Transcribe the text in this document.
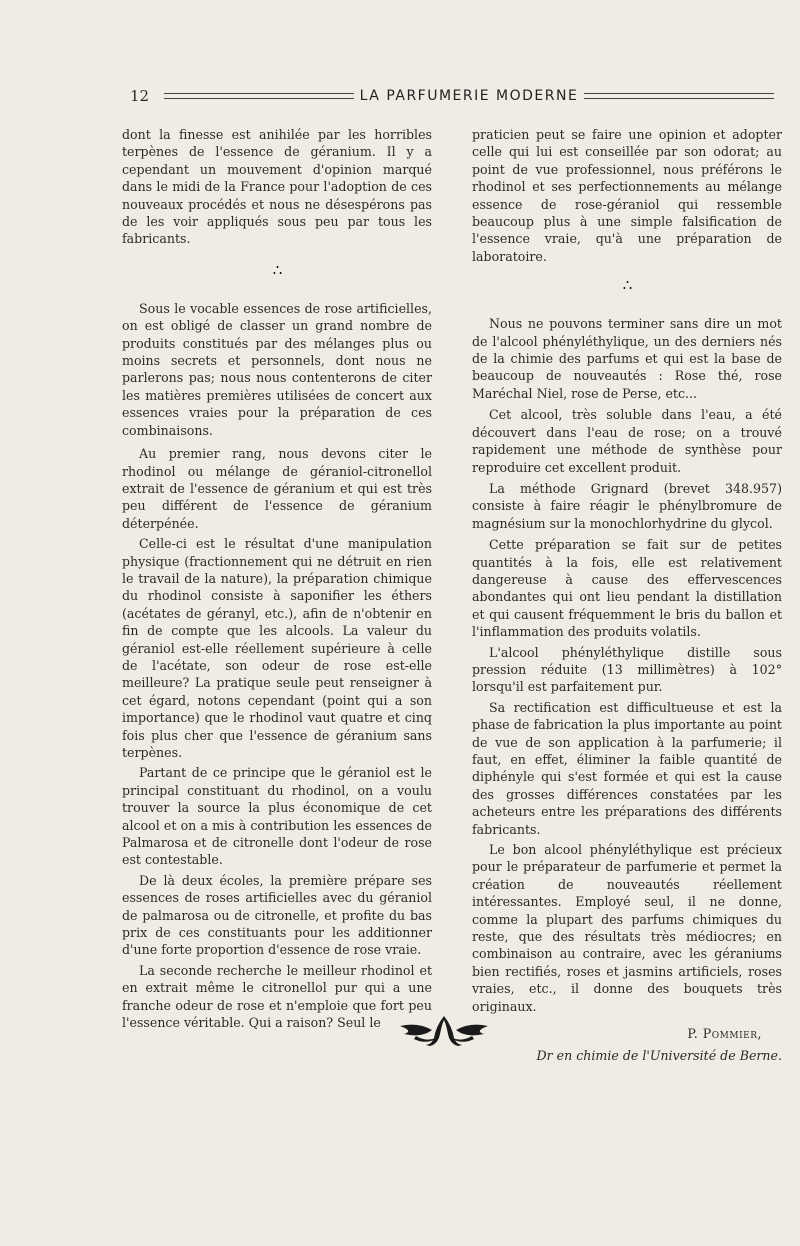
12	LA PARFUMERIE MODERNE

dont la finesse est anihilée par les horribles terpènes de l'essence de géranium. Il y a cependant un mouvement d'opinion marqué dans le midi de la France pour l'adoption de ces nouveaux procédés et nous ne désespérons pas de les voir appliqués sous peu par tous les fabricants.

∴

Sous le vocable essences de rose artificielles, on est obligé de classer un grand nombre de produits constitués par des mélanges plus ou moins secrets et personnels, dont nous ne parlerons pas; nous nous contenterons de citer les matières premières utilisées de concert aux essences vraies pour la préparation de ces combinaisons.

Au premier rang, nous devons citer le rhodinol ou mélange de géraniol-citronellol extrait de l'essence de géranium et qui est très peu différent de l'essence de géranium déterpénée.

Celle-ci est le résultat d'une manipulation physique (fractionnement qui ne détruit en rien le travail de la nature), la préparation chimique du rhodinol consiste à saponifier les éthers (acétates de géranyl, etc.), afin de n'obtenir en fin de compte que les alcools. La valeur du géraniol est-elle réellement supérieure à celle de l'acétate, son odeur de rose est-elle meilleure? La pratique seule peut renseigner à cet égard, notons cependant (point qui a son importance) que le rhodinol vaut quatre et cinq fois plus cher que l'essence de géranium sans terpènes.

Partant de ce principe que le géraniol est le principal constituant du rhodinol, on a voulu trouver la source la plus économique de cet alcool et on a mis à contribution les essences de Palmarosa et de citronelle dont l'odeur de rose est contestable.

De là deux écoles, la première prépare ses essences de roses artificielles avec du géraniol de palmarosa ou de citronelle, et profite du bas prix de ces constituants pour les additionner d'une forte proportion d'essence de rose vraie.

La seconde recherche le meilleur rhodinol et en extrait même le citronellol pur qui a une franche odeur de rose et n'emploie que fort peu l'essence véritable. Qui a raison? Seul le

praticien peut se faire une opinion et adopter celle qui lui est conseillée par son odorat; au point de vue professionnel, nous préférons le rhodinol et ses perfectionnements au mélange essence de rose-géraniol qui ressemble beaucoup plus à une simple falsification de l'essence vraie, qu'à une préparation de laboratoire.

∴

Nous ne pouvons terminer sans dire un mot de l'alcool phényléthylique, un des derniers nés de la chimie des parfums et qui est la base de beaucoup de nouveautés : Rose thé, rose Maréchal Niel, rose de Perse, etc...

Cet alcool, très soluble dans l'eau, a été découvert dans l'eau de rose; on a trouvé rapidement une méthode de synthèse pour reproduire cet excellent produit.

La méthode Grignard (brevet 348.957) consiste à faire réagir le phénylbromure de magnésium sur la monochlorhydrine du glycol.

Cette préparation se fait sur de petites quantités à la fois, elle est relativement dangereuse à cause des effervescences abondantes qui ont lieu pendant la distillation et qui causent fréquemment le bris du ballon et l'inflammation des produits volatils.

L'alcool phényléthylique distille sous pression réduite (13 millimètres) à 102° lorsqu'il est parfaitement pur.

Sa rectification est difficultueuse et est la phase de fabrication la plus importante au point de vue de son application à la parfumerie; il faut, en effet, éliminer la faible quantité de diphényle qui s'est formée et qui est la cause des grosses différences constatées par les acheteurs entre les préparations des différents fabricants.

Le bon alcool phényléthylique est précieux pour le préparateur de parfumerie et permet la création de nouveautés réellement intéressantes. Employé seul, il ne donne, comme la plupart des parfums chimiques du reste, que des résultats très médiocres; en combinaison au contraire, avec les géraniums bien rectifiés, roses et jasmins artificiels, roses vraies, etc., il donne des bouquets très originaux.

P. Pommier,
Dr en chimie de l'Université de Berne.
